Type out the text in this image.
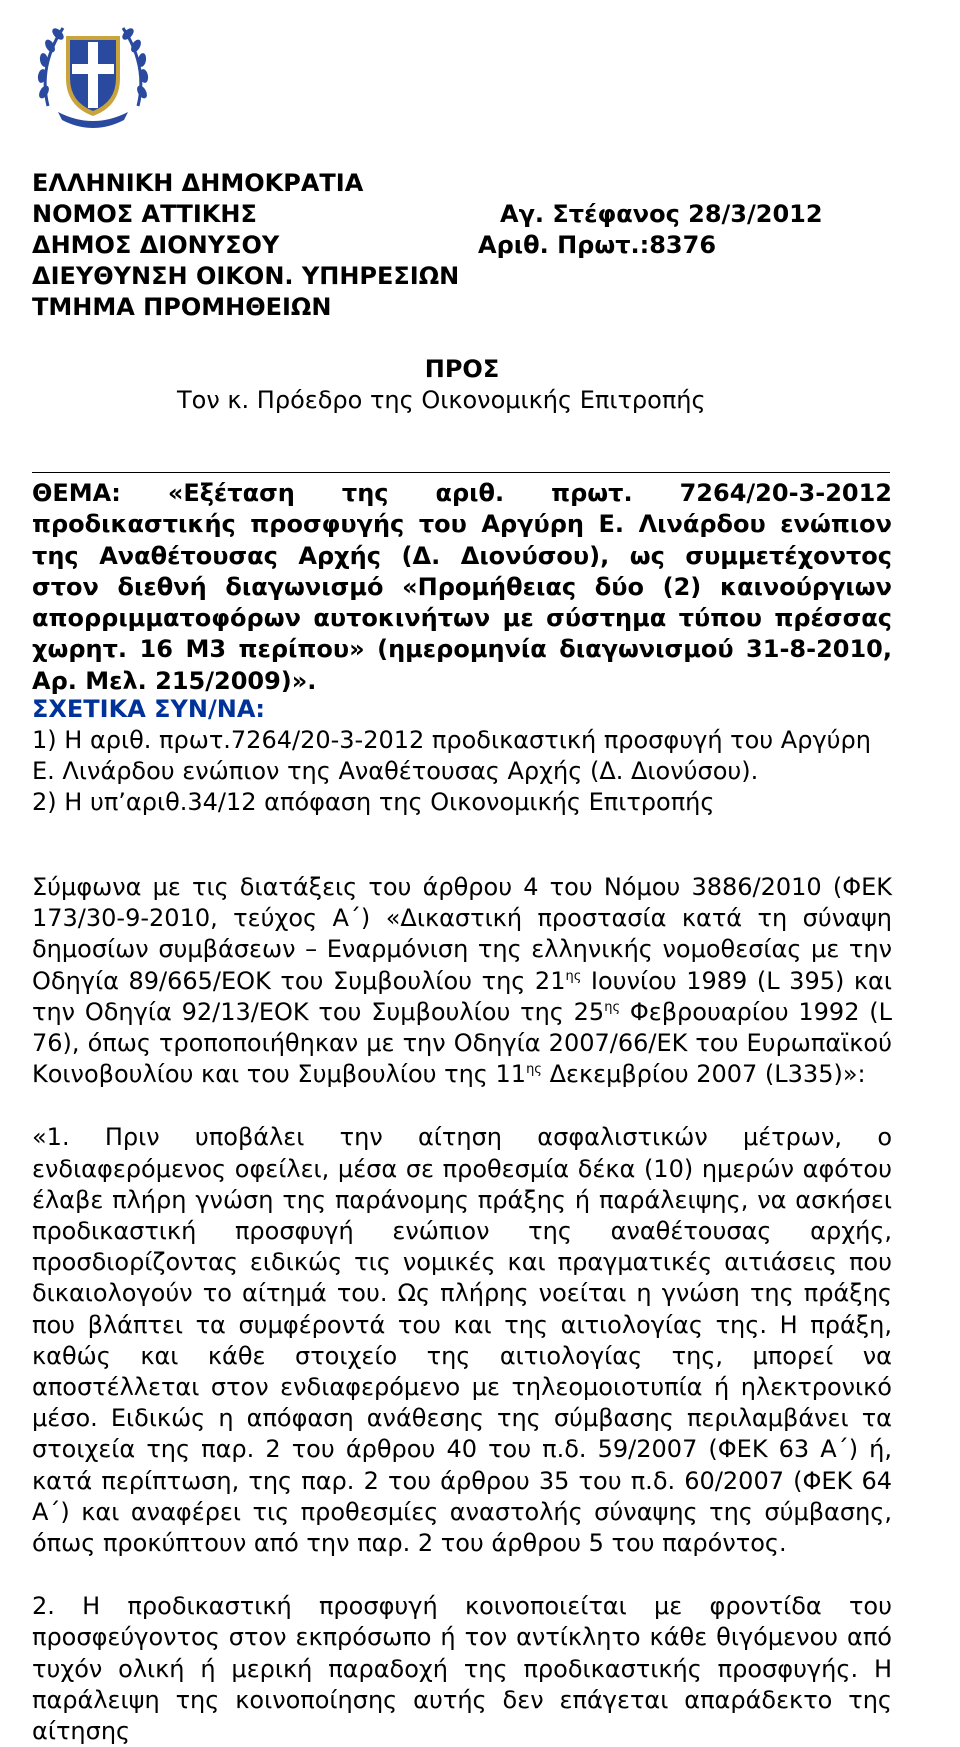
ΕΛΛΗΝΙΚΗ ΔΗΜΟΚΡΑΤΙΑ
ΝΟΜΟΣ ΑΤΤΙΚΗΣ	Αγ. Στέφανος 28/3/2012
ΔΗΜΟΣ ΔΙΟΝΥΣΟΥ	Αριθ. Πρωτ.:8376
ΔΙΕΥΘΥΝΣΗ ΟΙΚΟΝ. ΥΠΗΡΕΣΙΩΝ
ΤΜΗΜΑ ΠΡΟΜΗΘΕΙΩΝ
ΠΡΟΣ
Τον κ. Πρόεδρο της Οικονομικής Επιτροπής
ΘΕΜΑ: «Εξέταση της αριθ. πρωτ. 7264/20-3-2012 προδικαστικής προσφυγής του Αργύρη Ε. Λινάρδου ενώπιον της Αναθέτουσας Αρχής (Δ. Διονύσου), ως συμμετέχοντος στον διεθνή διαγωνισμό «Προμήθειας δύο (2) καινούργιων απορριμματοφόρων αυτοκινήτων με σύστημα τύπου πρέσσας χωρητ. 16 M3 περίπου» (ημερομηνία διαγωνισμού 31-8-2010, Αρ. Μελ. 215/2009)».
ΣΧΕΤΙΚΑ ΣΥΝ/ΝΑ:
1) Η αριθ. πρωτ.7264/20-3-2012 προδικαστική προσφυγή του Αργύρη Ε. Λινάρδου ενώπιον της Αναθέτουσας Αρχής (Δ. Διονύσου).
2) Η υπ’αριθ.34/12 απόφαση της Οικονομικής Επιτροπής

Σύμφωνα με τις διατάξεις του άρθρου 4 του Νόμου 3886/2010 (ΦΕΚ 173/30-9-2010, τεύχος Α΄) «Δικαστική προστασία κατά τη σύναψη δημοσίων συμβάσεων – Εναρμόνιση της ελληνικής νομοθεσίας με την Οδηγία 89/665/ΕΟΚ του Συμβουλίου της $21^{\eta\varsigma}$ Ιουνίου 1989 (L 395) και την Οδηγία 92/13/ΕΟΚ του Συμβουλίου της $25^{\eta\varsigma}$ Φεβρουαρίου 1992 (L 76), όπως τροποποιήθηκαν με την Οδηγία 2007/66/ΕΚ του Ευρωπαϊκού Κοινοβουλίου και του Συμβουλίου της $11^{\eta\varsigma}$ Δεκεμβρίου 2007 (L335)»:

«1. Πριν υποβάλει την αίτηση ασφαλιστικών μέτρων, ο ενδιαφερόμενος οφείλει, μέσα σε προθεσμία δέκα (10) ημερών αφότου έλαβε πλήρη γνώση της παράνομης πράξης ή παράλειψης, να ασκήσει προδικαστική προσφυγή ενώπιον της αναθέτουσας αρχής, προσδιορίζοντας ειδικώς τις νομικές και πραγματικές αιτιάσεις που δικαιολογούν το αίτημά του. Ως πλήρης νοείται η γνώση της πράξης που βλάπτει τα συμφέροντά του και της αιτιολογίας της. Η πράξη, καθώς και κάθε στοιχείο της αιτιολογίας της, μπορεί να αποστέλλεται στον ενδιαφερόμενο με τηλεομοιοτυπία ή ηλεκτρονικό μέσο. Ειδικώς η απόφαση ανάθεσης της σύμβασης περιλαμβάνει τα στοιχεία της παρ. 2 του άρθρου 40 του π.δ. 59/2007 (ΦΕΚ 63 Α΄) ή, κατά περίπτωση, της παρ. 2 του άρθρου 35 του π.δ. 60/2007 (ΦΕΚ 64 Α΄) και αναφέρει τις προθεσμίες αναστολής σύναψης της σύμβασης, όπως προκύπτουν από την παρ. 2 του άρθρου 5 του παρόντος.

2. Η προδικαστική προσφυγή κοινοποιείται με φροντίδα του προσφεύγοντος στον εκπρόσωπο ή τον αντίκλητο κάθε θιγόμενου από τυχόν ολική ή μερική παραδοχή της προδικαστικής προσφυγής. Η παράλειψη της κοινοποίησης αυτής δεν επάγεται απαράδεκτο της αίτησης
